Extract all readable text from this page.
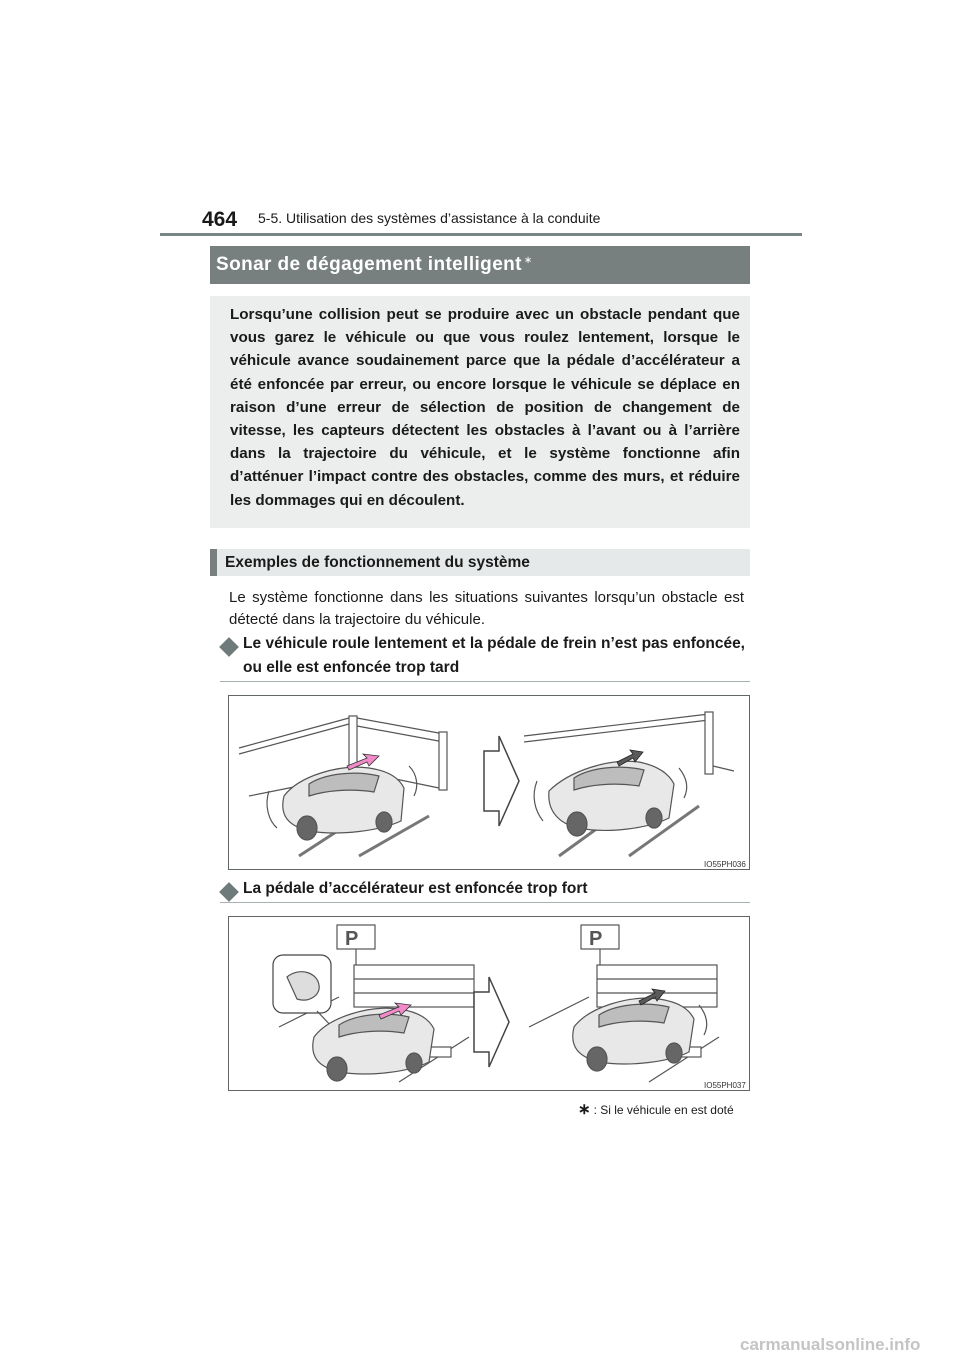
464 5-5. Utilisation des systèmes d’assistance à la conduite
Sonar de dégagement intelligent ∗
Lorsqu’une collision peut se produire avec un obstacle pendant que vous garez le véhicule ou que vous roulez lentement, lorsque le véhicule avance soudainement parce que la pédale d’accélérateur a été enfoncée par erreur, ou encore lorsque le véhicule se déplace en raison d’une erreur de sélection de position de changement de vitesse, les capteurs détectent les obstacles à l’avant ou à l’arrière dans la trajectoire du véhicule, et le système fonctionne afin d’atténuer l’impact contre des obstacles, comme des murs, et réduire les dommages qui en découlent.
Exemples de fonctionnement du système
Le système fonctionne dans les situations suivantes lorsqu’un obstacle est détecté dans la trajectoire du véhicule.
Le véhicule roule lentement et la pédale de frein n’est pas enfoncée, ou elle est enfoncée trop tard
IO55PH036
La pédale d’accélérateur est enfoncée trop fort
P	P
IO55PH037
∗ : Si le véhicule en est doté
carmanualsonline.info
